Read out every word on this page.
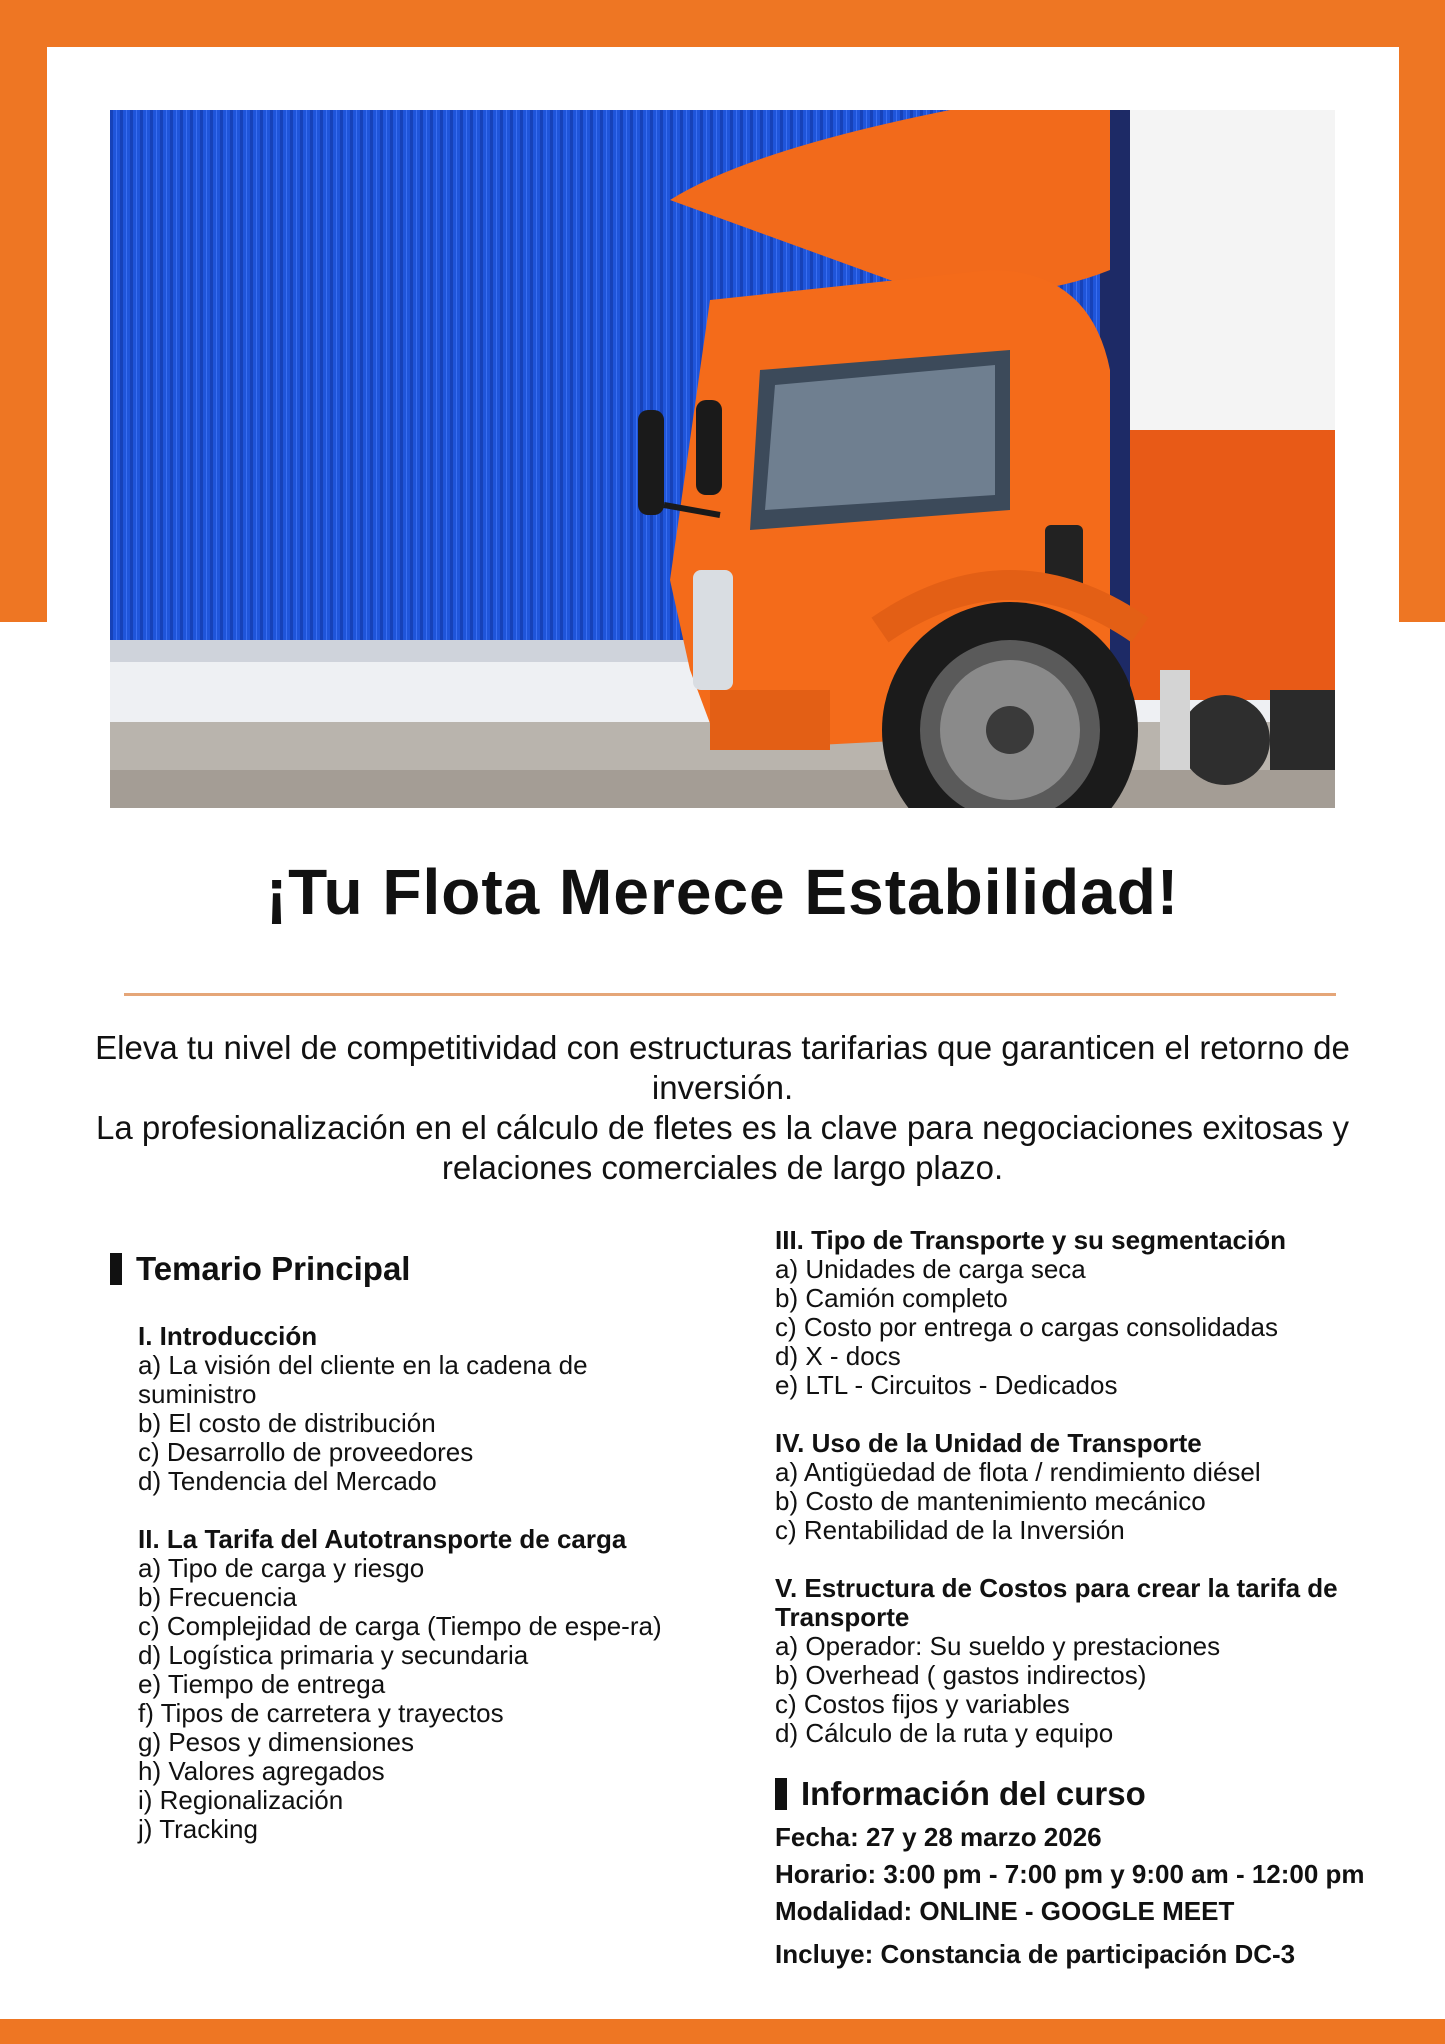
¡Tu Flota Merece Estabilidad!

Eleva tu nivel de competitividad con estructuras tarifarias que garanticen el retorno de inversión.

La profesionalización en el cálculo de fletes es la clave para negociaciones exitosas y relaciones comerciales de largo plazo.

Temario Principal
I. Introducción
a) La visión del cliente en la cadena de suministro
b) El costo de distribución
c) Desarrollo de proveedores
d) Tendencia del Mercado
II. La Tarifa del Autotransporte de carga
a) Tipo de carga y riesgo
b) Frecuencia
c) Complejidad de carga (Tiempo de espe-ra)
d) Logística primaria y secundaria
e) Tiempo de entrega
f) Tipos de carretera y trayectos
g) Pesos y dimensiones
h) Valores agregados
i) Regionalización
j) Tracking
III. Tipo de Transporte y su segmentación
a) Unidades de carga seca
b) Camión completo
c) Costo por entrega o cargas consolidadas
d) X - docs
e) LTL - Circuitos - Dedicados
IV. Uso de la Unidad de Transporte
a) Antigüedad de flota / rendimiento diésel
b) Costo de mantenimiento mecánico
c) Rentabilidad de la Inversión
V. Estructura de Costos para crear la tarifa de Transporte
a) Operador: Su sueldo y prestaciones
b) Overhead ( gastos indirectos)
c) Costos fijos y variables
d) Cálculo de la ruta y equipo
Información del curso
Fecha: 27 y 28 marzo 2026
Horario: 3:00 pm - 7:00 pm y 9:00 am - 12:00 pm
Modalidad: ONLINE - GOOGLE MEET
Incluye: Constancia de participación DC-3
